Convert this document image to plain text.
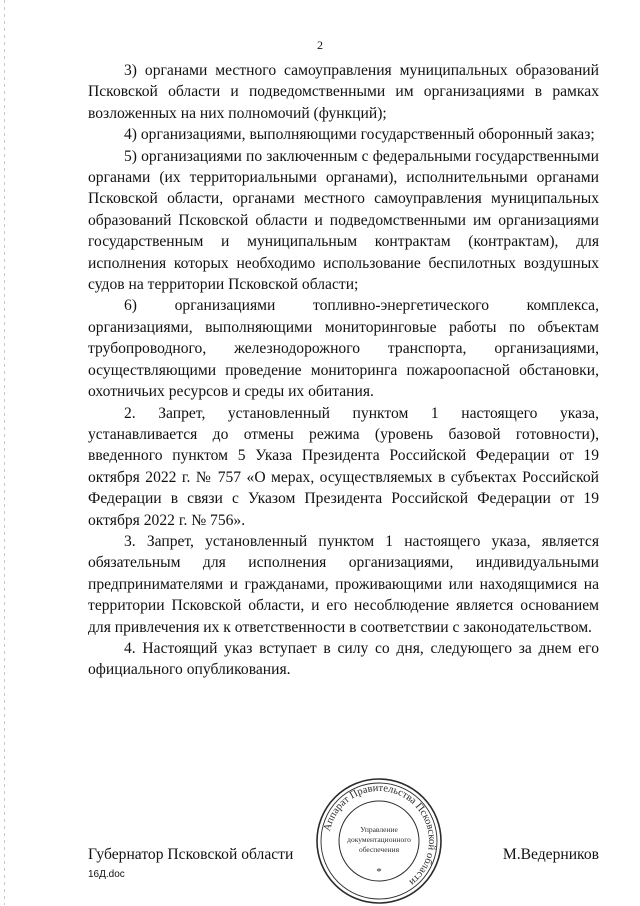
2

3) органами местного самоуправления муниципальных образований Псковской области и подведомственными им организациями в рамках возложенных на них полномочий (функций);

4) организациями, выполняющими государственный оборонный заказ;

5) организациями по заключенным с федеральными государственными органами (их территориальными органами), исполнительными органами Псковской области, органами местного самоуправления муниципальных образований Псковской области и подведомственными им организациями государственным и муниципальным контрактам (контрактам), для исполнения которых необходимо использование беспилотных воздушных судов на территории Псковской области;

6) организациями топливно-энергетического комплекса, организациями, выполняющими мониторинговые работы по объектам трубопроводного, железнодорожного транспорта, организациями, осуществляющими проведение мониторинга пожароопасной обстановки, охотничьих ресурсов и среды их обитания.

2. Запрет, установленный пунктом 1 настоящего указа, устанавливается до отмены режима (уровень базовой готовности), введенного пунктом 5 Указа Президента Российской Федерации от 19 октября 2022 г. № 757 «О мерах, осуществляемых в субъектах Российской Федерации в связи с Указом Президента Российской Федерации от 19 октября 2022 г. № 756».

3. Запрет, установленный пунктом 1 настоящего указа, является обязательным для исполнения организациями, индивидуальными предпринимателями и гражданами, проживающими или находящимися на территории Псковской области, и его несоблюдение является основанием для привлечения их к ответственности в соответствии с законодательством.

4. Настоящий указ вступает в силу со дня, следующего за днем его официального опубликования.

Аппарат Правительства Псковской области
Управление
документационного
обеспечения
*
Губернатор Псковской области	М.Ведерников
16Д.doc
